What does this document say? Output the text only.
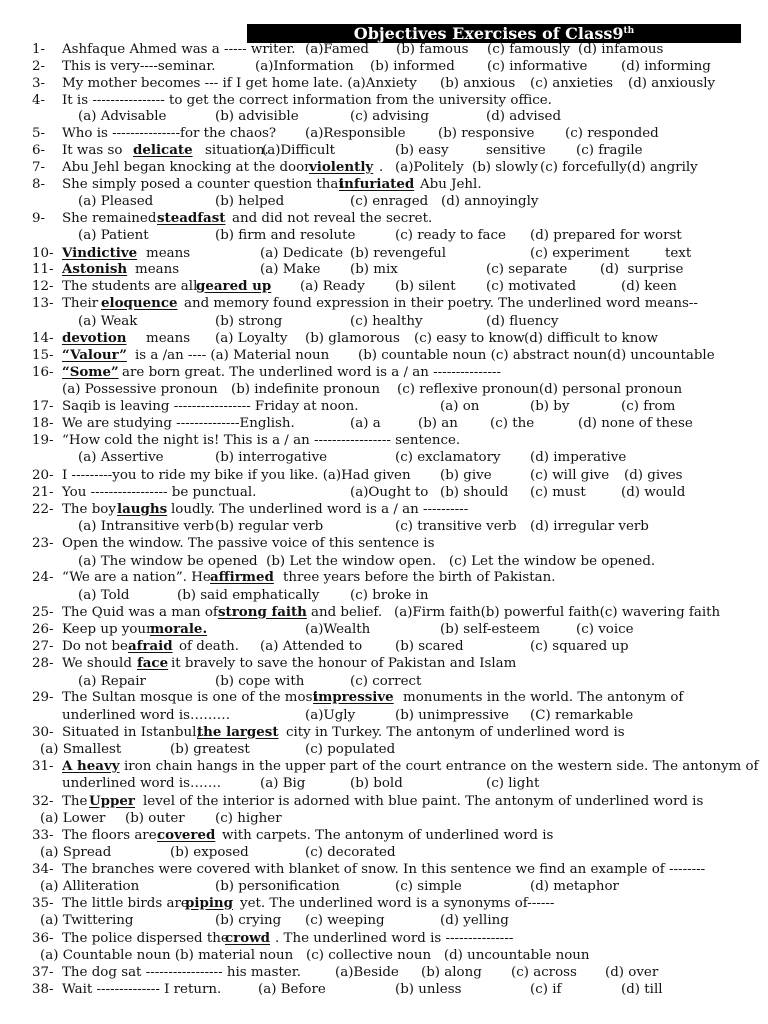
Objectives Exercises of Class9th
1- Ashfaque Ahmed was a ----- writer. (a)Famed (b) famous (c) famously (d) infamous
2- This is very----seminar.	(a)Information (b) informed (c) informative	(d) informing
3- My mother becomes --- if I get home late. (a)Anxiety (b) anxious (c) anxieties (d) anxiously
4- It is ---------------- to get the correct information from the university office.
(a) Advisable	(b) advisible	(c) advising	(d) advised
5- Who is ---------------for the chaos? (a)Responsible (b) responsive (c) responded
6- It was so delicate situation.
(a)Difficult	(b) easy	sensitive (c) fragile
7- Abu Jehl began knocking at the door
violently . (a)Politely (b) slowly (c) forcefully(d) angrily
8- She simply posed a counter question that
infuriated Abu Jehl.
(a) Pleased	(b) helped	(c) enraged (d) annoyingly
9- She remained steadfast and did not reveal the secret.
(a) Patient	(b) firm and resolute	(c) ready to face (d) prepared for worst
10- Vindictive means	(a) Dedicate (b) revengeful	(c) experiment	text
11- Astonish means	(a) Make (b) mix	(c) separate (d)  surprise
12- The students are all
geared up (a) Ready (b) silent (c) motivated	(d) keen
13- Their eloquence and memory found expression in their poetry. The underlined word means--
(a) Weak	(b) strong	(c) healthy	(d) fluency
14- devotion means (a) Loyalty (b) glamorous (c) easy to know (d) difficult to know
15- “Valour” is a /an ---- (a) Material noun (b) countable noun (c) abstract noun(d) uncountable
16- “Some” are born great. The underlined word is a / an ---------------
(a) Possessive pronoun (b) indefinite pronoun (c) reflexive pronoun(d) personal pronoun
17- Saqib is leaving ----------------- Friday at noon.	(a) on	(b) by	(c) from
18- We are studying --------------English.	(a) a	(b) an (c) the	(d) none of these
19- “How cold the night is! This is a / an ----------------- sentence.
(a) Assertive	(b) interrogative	(c) exclamatory (d) imperative
20- I ---------you to ride my bike if you like. (a)Had given (b) give	(c) will give (d) gives
21- You ----------------- be punctual.	(a)Ought to (b) should (c) must	(d) would
22- The boy laughs loudly. The underlined word is a / an ----------
(a) Intransitive verb (b) regular verb	(c) transitive verb (d) irregular verb
23- Open the window. The passive voice of this sentence is
(a) The window be opened  (b) Let the window open.   (c) Let the window be opened.
24- “We are a nation”. He affirmed three years before the birth of Pakistan.
(a) Told	(b) said emphatically (c) broke in
25- The Quid was a man of strong faith and belief. (a)Firm faith(b) powerful faith(c) wavering faith
26- Keep up your
morale.	(a)Wealth	(b) self-esteem	(c) voice
27- Do not be afraid of death. (a) Attended to (b) scared	(c) squared up
28- We should face it bravely to save the honour of Pakistan and Islam
(a) Repair	(b) cope with	(c) correct
29- The Sultan mosque is one of the most
impressive monuments in the world. The antonym of
underlined word is………	(a)Ugly	(b) unimpressive (C) remarkable
30- Situated in Istanbul,
the largest city in Turkey. The antonym of underlined word is
(a) Smallest	(b) greatest	(c) populated
31- A heavy iron chain hangs in the upper part of the court entrance on the western side. The antonym of
underlined word is…….	(a) Big	(b) bold	(c) light
32- The Upper level of the interior is adorned with blue paint. The antonym of underlined word is
(a) Lower (b) outer (c) higher
33- The floors are covered with carpets. The antonym of underlined word is
(a) Spread	(b) exposed	(c) decorated
34- The branches were covered with blanket of snow. In this sentence we find an example of --------
(a) Alliteration	(b) personification	(c) simple	(d) metaphor
35- The little birds are
piping yet. The underlined word is a synonyms of------
(a) Twittering	(b) crying (c) weeping	(d) yelling
36- The police dispersed the
crowd . The underlined word is ---------------
(a) Countable noun (b) material noun   (c) collective noun   (d) uncountable noun
37- The dog sat ----------------- his master.	(a)Beside (b) along (c) across (d) over
38- Wait -------------- I return.	(a) Before	(b) unless	(c) if	(d) till
